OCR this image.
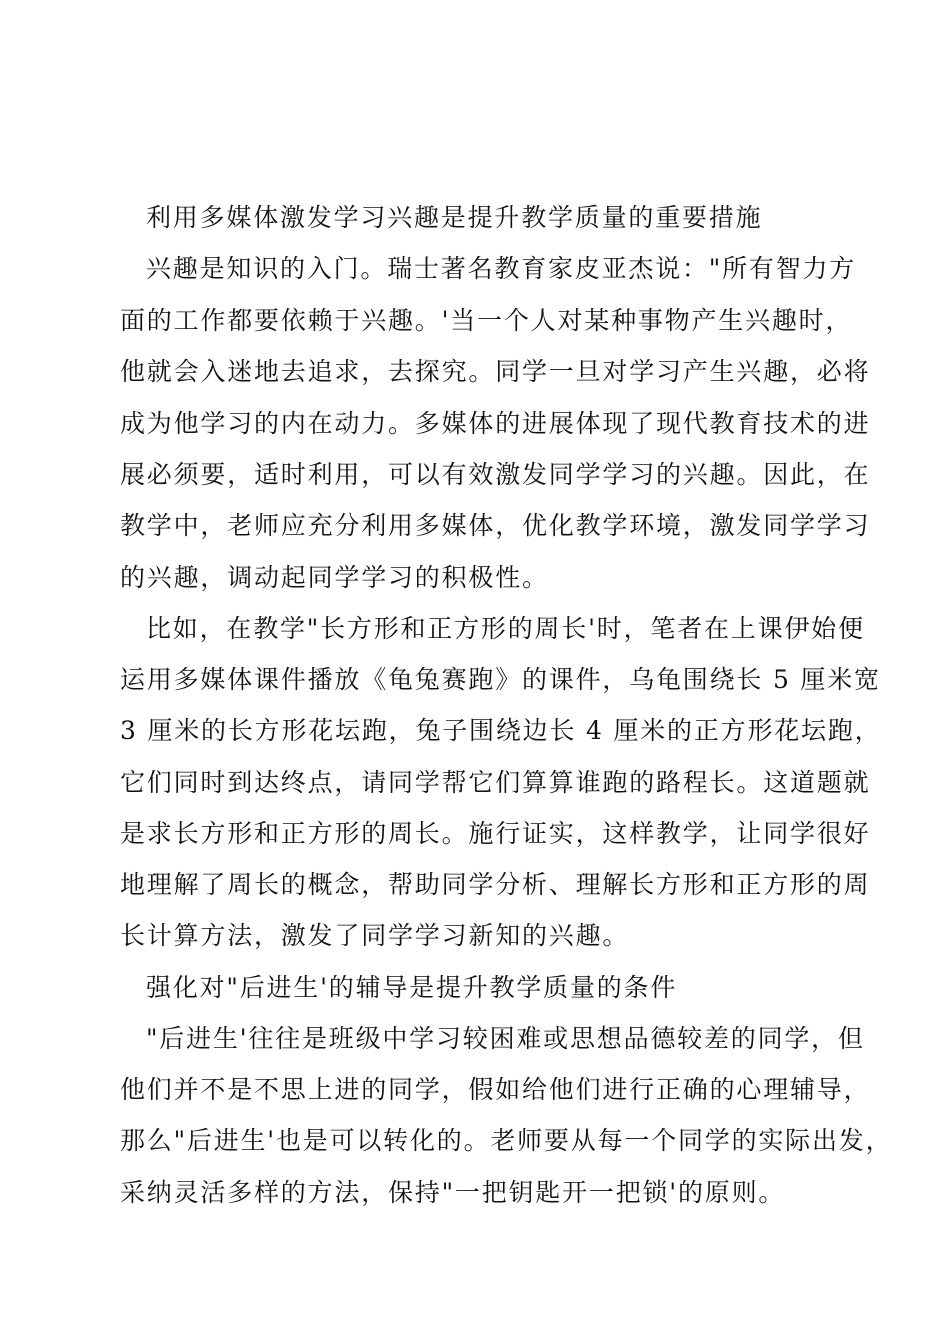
利用多媒体激发学习兴趣是提升教学质量的重要措施
兴趣是知识的入门。瑞士著名教育家皮亚杰说："所有智力方
面的工作都要依赖于兴趣。'当一个人对某种事物产生兴趣时，
他就会入迷地去追求，去探究。同学一旦对学习产生兴趣，必将
成为他学习的内在动力。多媒体的进展体现了现代教育技术的进
展必须要，适时利用，可以有效激发同学学习的兴趣。因此，在
教学中，老师应充分利用多媒体，优化教学环境，激发同学学习
的兴趣，调动起同学学习的积极性。
比如，在教学"长方形和正方形的周长'时，笔者在上课伊始便
运用多媒体课件播放《龟兔赛跑》的课件，乌龟围绕长 5 厘米宽
3 厘米的长方形花坛跑，兔子围绕边长 4 厘米的正方形花坛跑，
它们同时到达终点，请同学帮它们算算谁跑的路程长。这道题就
是求长方形和正方形的周长。施行证实，这样教学，让同学很好
地理解了周长的概念，帮助同学分析、理解长方形和正方形的周
长计算方法，激发了同学学习新知的兴趣。
强化对"后进生'的辅导是提升教学质量的条件
"后进生'往往是班级中学习较困难或思想品德较差的同学，但
他们并不是不思上进的同学，假如给他们进行正确的心理辅导，
那么"后进生'也是可以转化的。老师要从每一个同学的实际出发，
采纳灵活多样的方法，保持"一把钥匙开一把锁'的原则。
